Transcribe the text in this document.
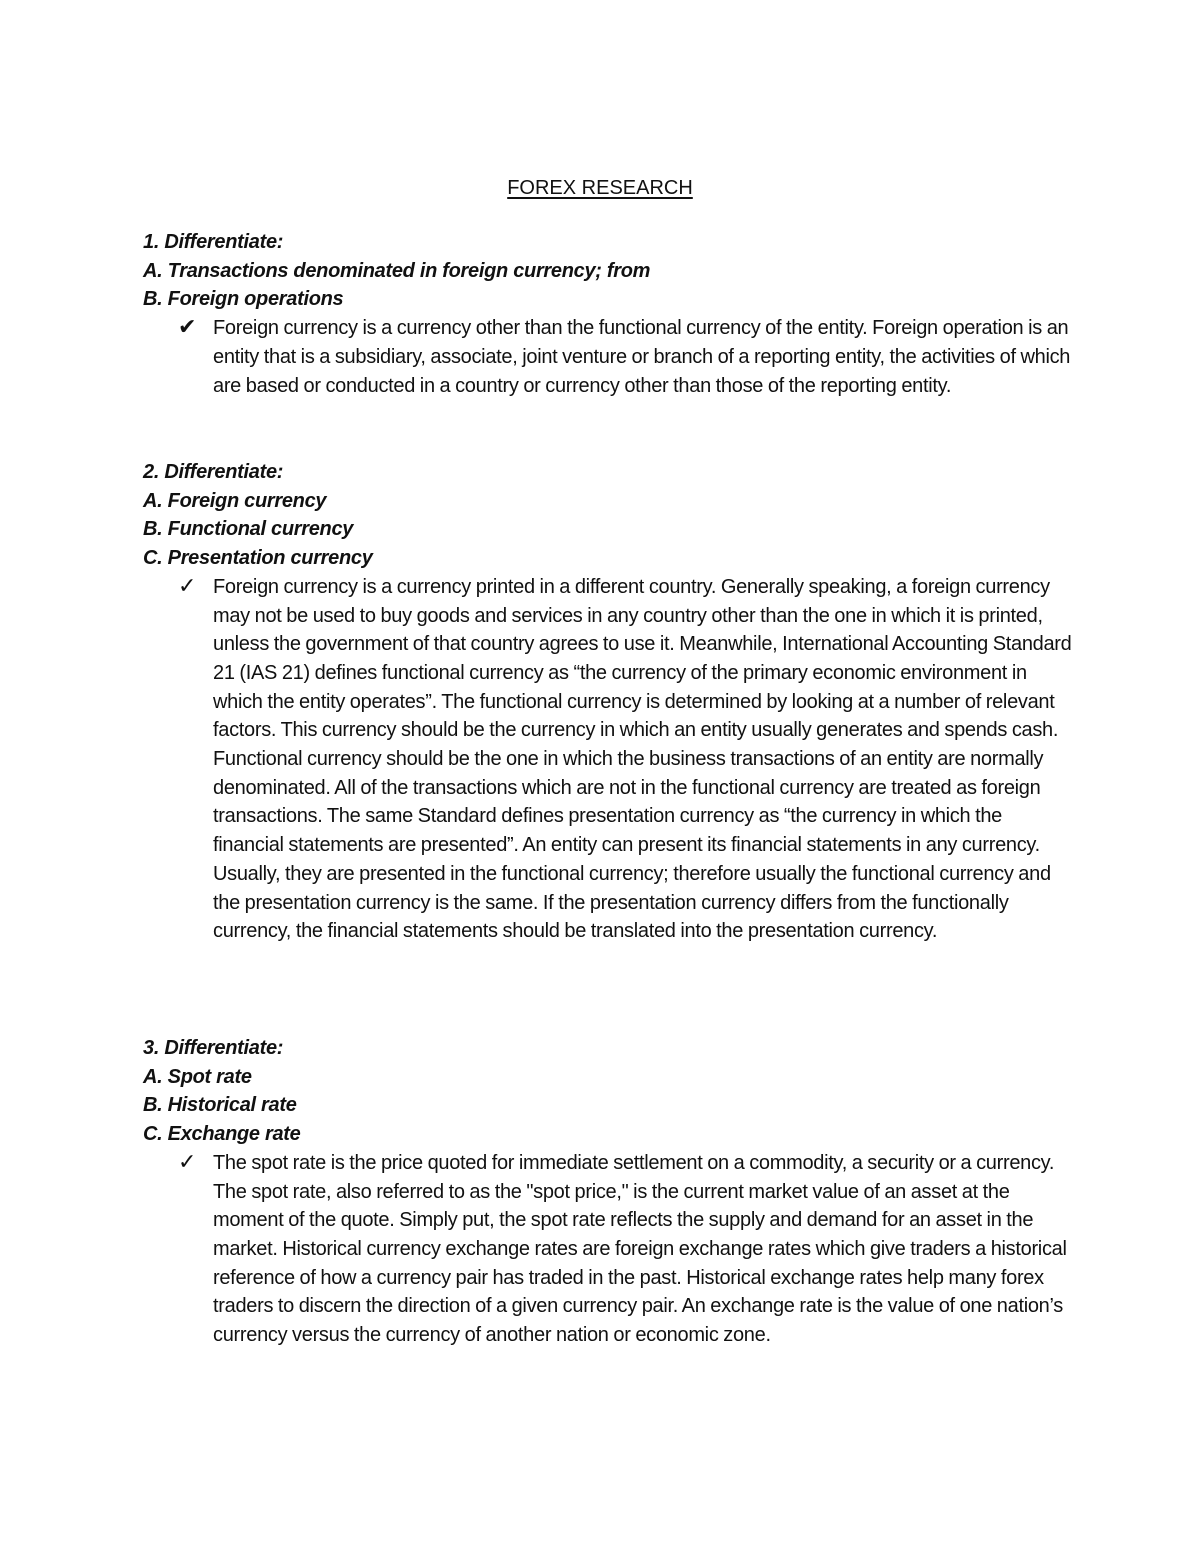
FOREX RESEARCH
1. Differentiate:
A. Transactions denominated in foreign currency; from
B. Foreign operations
✔ Foreign currency is a currency other than the functional currency of the entity. Foreign operation is an entity that is a subsidiary, associate, joint venture or branch of a reporting entity, the activities of which are based or conducted in a country or currency other than those of the reporting entity.
2. Differentiate:
A. Foreign currency
B. Functional currency
C. Presentation currency
✓ Foreign currency is a currency printed in a different country. Generally speaking, a foreign currency may not be used to buy goods and services in any country other than the one in which it is printed, unless the government of that country agrees to use it. Meanwhile, International Accounting Standard 21 (IAS 21) defines functional currency as “the currency of the primary economic environment in which the entity operates”. The functional currency is determined by looking at a number of relevant factors. This currency should be the currency in which an entity usually generates and spends cash. Functional currency should be the one in which the business transactions of an entity are normally denominated. All of the transactions which are not in the functional currency are treated as foreign transactions. The same Standard defines presentation currency as “the currency in which the financial statements are presented”. An entity can present its financial statements in any currency. Usually, they are presented in the functional currency; therefore usually the functional currency and the presentation currency is the same. If the presentation currency differs from the functionally currency, the financial statements should be translated into the presentation currency.
3. Differentiate:
A. Spot rate
B. Historical rate
C. Exchange rate
✓ The spot rate is the price quoted for immediate settlement on a commodity, a security or a currency. The spot rate, also referred to as the "spot price," is the current market value of an asset at the moment of the quote. Simply put, the spot rate reflects the supply and demand for an asset in the market. Historical currency exchange rates are foreign exchange rates which give traders a historical reference of how a currency pair has traded in the past. Historical exchange rates help many forex traders to discern the direction of a given currency pair. An exchange rate is the value of one nation’s currency versus the currency of another nation or economic zone.
